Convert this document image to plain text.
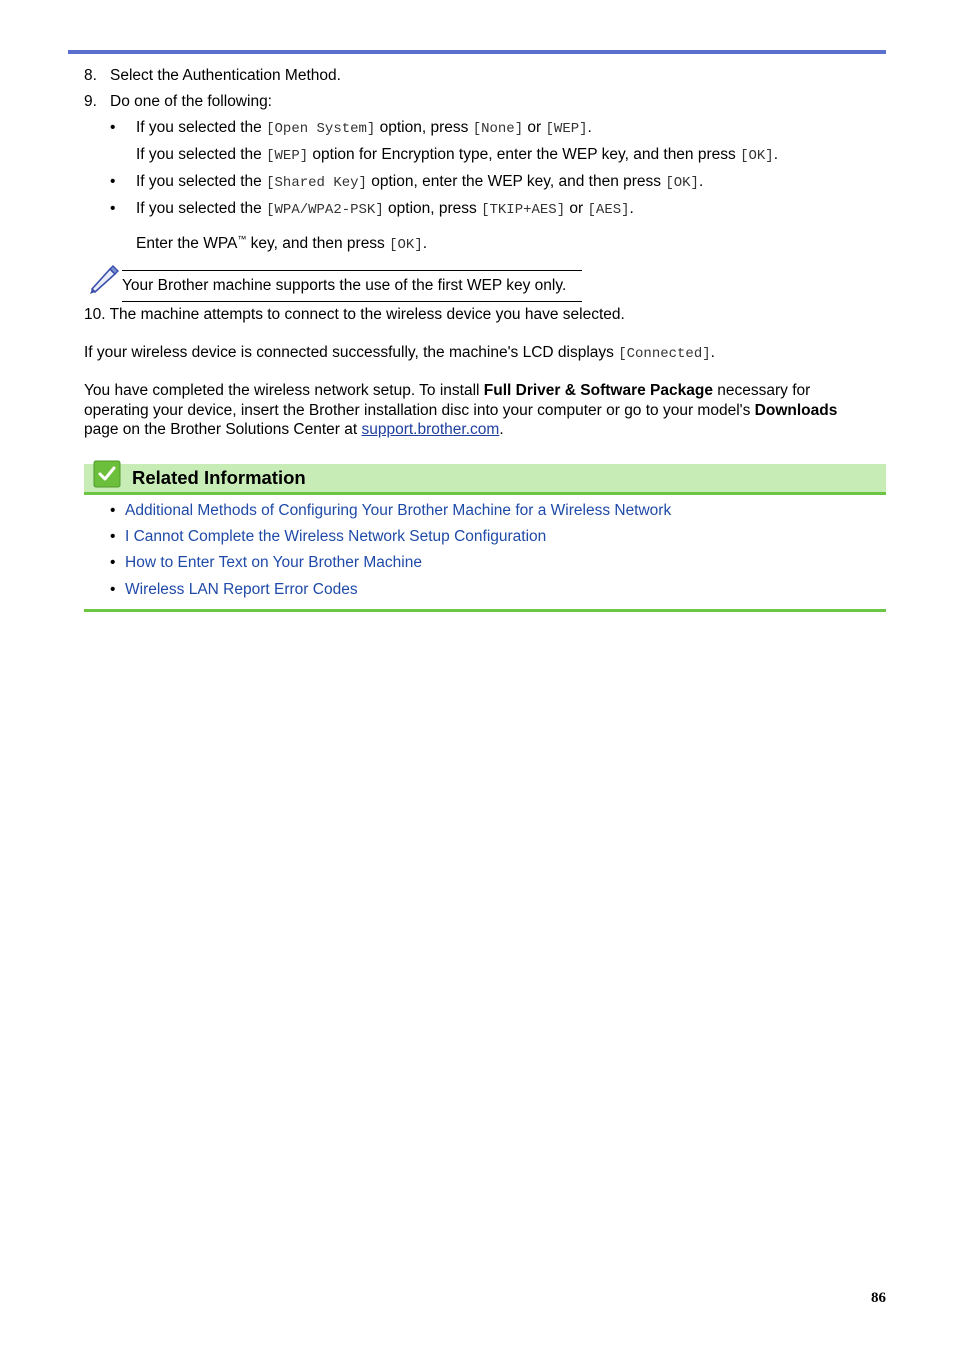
8. Select the Authentication Method.
9. Do one of the following:
• If you selected the [Open System] option, press [None] or [WEP].
If you selected the [WEP] option for Encryption type, enter the WEP key, and then press [OK].
• If you selected the [Shared Key] option, enter the WEP key, and then press [OK].
• If you selected the [WPA/WPA2-PSK] option, press [TKIP+AES] or [AES].
Enter the WPA™ key, and then press [OK].
Your Brother machine supports the use of the first WEP key only.
10. The machine attempts to connect to the wireless device you have selected.
If your wireless device is connected successfully, the machine's LCD displays [Connected].
You have completed the wireless network setup. To install Full Driver & Software Package necessary for
operating your device, insert the Brother installation disc into your computer or go to your model's Downloads
page on the Brother Solutions Center at support.brother.com.
Related Information
• Additional Methods of Configuring Your Brother Machine for a Wireless Network
• I Cannot Complete the Wireless Network Setup Configuration
• How to Enter Text on Your Brother Machine
• Wireless LAN Report Error Codes
86
